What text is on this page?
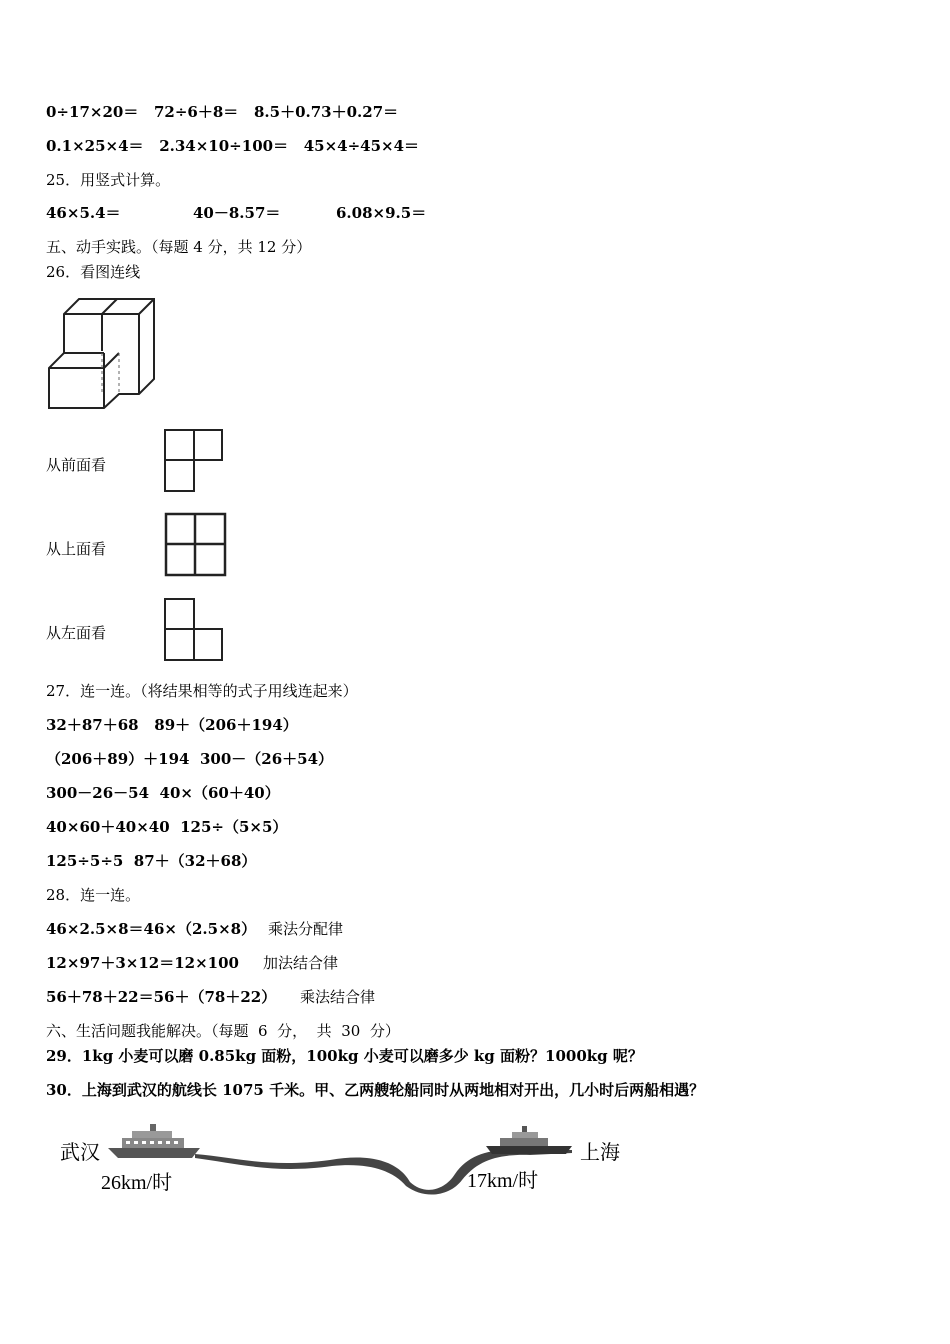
0÷17×20＝   72÷6＋8＝   8.5＋0.73＋0.27＝
0.1×25×4＝   2.34×10÷100＝   45×4÷45×4＝
25．用竖式计算。
46×5.4＝	40－8.57＝	6.08×9.5＝
五、动手实践。（每题 4 分，共 12 分）
26．看图连线
从前面看
从上面看
从左面看
27．连一连。（将结果相等的式子用线连起来）
32＋87＋68   89＋（206＋194）
（206＋89）＋194  300－（26＋54）
300－26－54  40×（60＋40）
40×60＋40×40  125÷（5×5）
125÷5÷5  87＋（32＋68）
28．连一连。
46×2.5×8＝46×（2.5×8） 乘法分配律
12×97＋3×12＝12×100 加法结合律
56＋78＋22＝56＋（78＋22） 乘法结合律
六、生活问题我能解决。（每题  6  分，  共  30  分）
29．1kg 小麦可以磨 0.85kg 面粉，100kg 小麦可以磨多少 kg 面粉？1000kg 呢？
30．上海到武汉的航线长 1075 千米。甲、乙两艘轮船同时从两地相对开出，几小时后两船相遇？
武汉
26km/时
上海
17km/时
